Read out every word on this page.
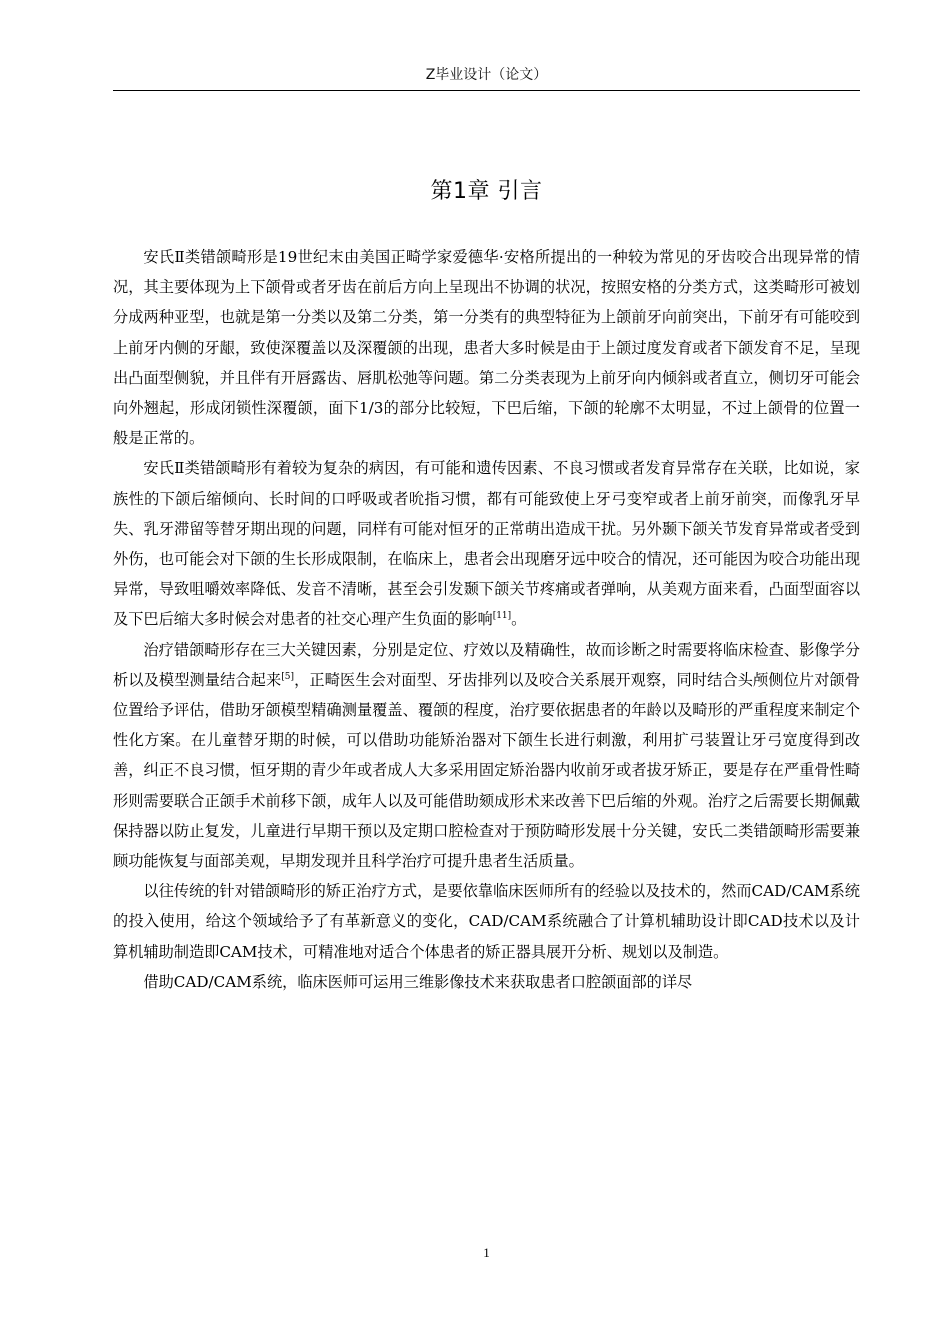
Z毕业设计（论文）
第1章 引言

安氏Ⅱ类错颌畸形是19世纪末由美国正畸学家爱德华·安格所提出的一种较为常见的牙齿咬合出现异常的情况，其主要体现为上下颌骨或者牙齿在前后方向上呈现出不协调的状况，按照安格的分类方式，这类畸形可被划分成两种亚型，也就是第一分类以及第二分类，第一分类有的典型特征为上颌前牙向前突出，下前牙有可能咬到上前牙内侧的牙龈，致使深覆盖以及深覆颌的出现，患者大多时候是由于上颌过度发育或者下颌发育不足，呈现出凸面型侧貌，并且伴有开唇露齿、唇肌松弛等问题。第二分类表现为上前牙向内倾斜或者直立，侧切牙可能会向外翘起，形成闭锁性深覆颌，面下1/3的部分比较短，下巴后缩，下颌的轮廓不太明显，不过上颌骨的位置一般是正常的。

安氏Ⅱ类错颌畸形有着较为复杂的病因，有可能和遗传因素、不良习惯或者发育异常存在关联，比如说，家族性的下颌后缩倾向、长时间的口呼吸或者吮指习惯，都有可能致使上牙弓变窄或者上前牙前突，而像乳牙早失、乳牙滞留等替牙期出现的问题，同样有可能对恒牙的正常萌出造成干扰。另外颞下颌关节发育异常或者受到外伤，也可能会对下颌的生长形成限制，在临床上，患者会出现磨牙远中咬合的情况，还可能因为咬合功能出现异常，导致咀嚼效率降低、发音不清晰，甚至会引发颞下颌关节疼痛或者弹响，从美观方面来看，凸面型面容以及下巴后缩大多时候会对患者的社交心理产生负面的影响[11]。

治疗错颌畸形存在三大关键因素，分别是定位、疗效以及精确性，故而诊断之时需要将临床检查、影像学分析以及模型测量结合起来[5]，正畸医生会对面型、牙齿排列以及咬合关系展开观察，同时结合头颅侧位片对颌骨位置给予评估，借助牙颌模型精确测量覆盖、覆颌的程度，治疗要依据患者的年龄以及畸形的严重程度来制定个性化方案。在儿童替牙期的时候，可以借助功能矫治器对下颌生长进行刺激，利用扩弓装置让牙弓宽度得到改善，纠正不良习惯，恒牙期的青少年或者成人大多采用固定矫治器内收前牙或者拔牙矫正，要是存在严重骨性畸形则需要联合正颌手术前移下颌，成年人以及可能借助颏成形术来改善下巴后缩的外观。治疗之后需要长期佩戴保持器以防止复发，儿童进行早期干预以及定期口腔检查对于预防畸形发展十分关键，安氏二类错颌畸形需要兼顾功能恢复与面部美观，早期发现并且科学治疗可提升患者生活质量。

以往传统的针对错颌畸形的矫正治疗方式，是要依靠临床医师所有的经验以及技术的，然而CAD/CAM系统的投入使用，给这个领域给予了有革新意义的变化，CAD/CAM系统融合了计算机辅助设计即CAD技术以及计算机辅助制造即CAM技术，可精准地对适合个体患者的矫正器具展开分析、规划以及制造。

借助CAD/CAM系统，临床医师可运用三维影像技术来获取患者口腔颌面部的详尽

1
